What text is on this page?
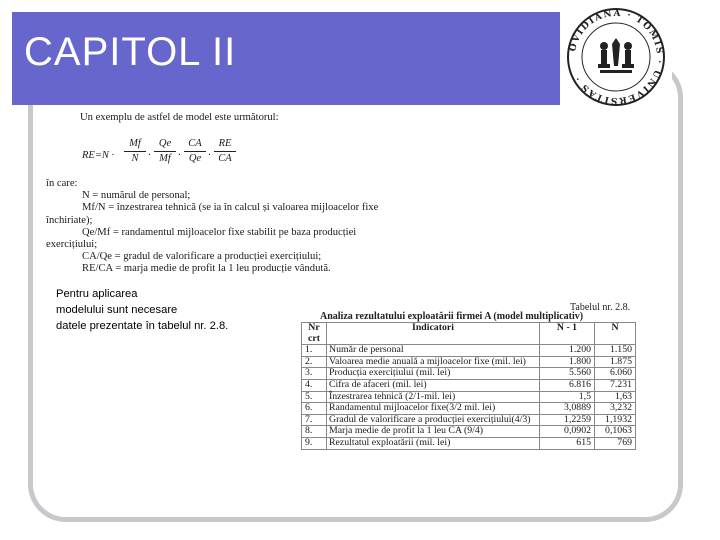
CAPITOL II	OVIDIANA · TOMIS · UNIVERSITAS ·
Un exemplu de astfel de model este următorul:
$RE=N \cdot \frac{Mf}{N} \cdot \frac{Qe}{Mf} \cdot \frac{CA}{Qe} \cdot \frac{RE}{CA}$
în care:
N = numărul de personal;
Mf/N = înzestrarea tehnică (se ia în calcul și valoarea mijloacelor fixe
închiriate);
Qe/Mf = randamentul mijloacelor fixe stabilit pe baza producției
exercițiului;
CA/Qe = gradul de valorificare a producției exercițiului;
RE/CA = marja medie de profit la 1 leu producție vândută.
Pentru aplicarea
modelului sunt necesare
datele prezentate în tabelul nr. 2.8.
Tabelul nr. 2.8.
Analiza rezultatului exploatării firmei A (model multiplicativ)
Nr crt	Indicatori	N - 1	N
1.	Număr de personal	1.200	1.150
2.	Valoarea medie anuală a mijloacelor fixe (mil. lei)	1.800	1.875
3.	Producția exercițiului (mil. lei)	5.560	6.060
4.	Cifra de afaceri (mil. lei)	6.816	7.231
5.	Înzestrarea tehnică (2/1-mil. lei)	1,5	1,63
6.	Randamentul mijloacelor fixe(3/2 mil. lei)	3,0889	3,232
7.	Gradul de valorificare a producției exercițiului(4/3)	1,2259	1,1932
8.	Marja medie de profit la 1 leu CA (9/4)	0,0902	0,1063
9.	Rezultatul exploatării (mil. lei)	615	769
